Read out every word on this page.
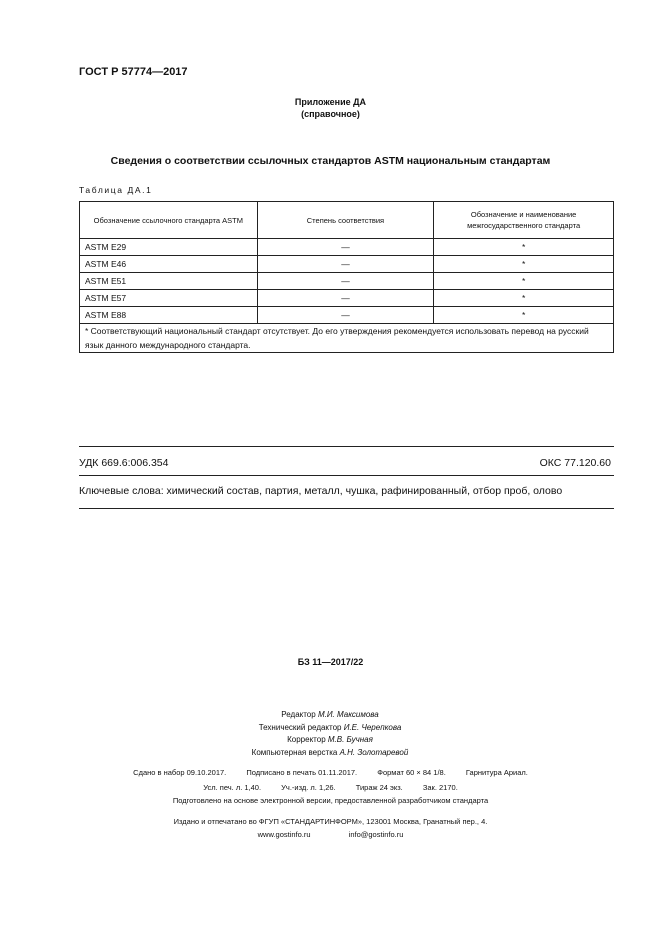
ГОСТ Р 57774—2017
Приложение ДА
(справочное)
Сведения о соответствии ссылочных стандартов ASTM национальным стандартам
Таблица ДА.1
Обозначение ссылочного стандарта ASTM	Степень соответствия	Обозначение и наименование межгосударственного стандарта
ASTM E29	—	*
ASTM E46	—	*
ASTM E51	—	*
ASTM E57	—	*
ASTM E88	—	*
* Соответствующий национальный стандарт отсутствует. До его утверждения рекомендуется использовать перевод на русский язык данного международного стандарта.		
УДК 669.6:006.354	ОКС 77.120.60
Ключевые слова: химический состав, партия, металл, чушка, рафинированный, отбор проб, олово
БЗ 11—2017/22
Редактор М.И. Максимова
Технический редактор И.Е. Черепкова
Корректор М.В. Бучная
Компьютерная верстка А.Н. Золотаревой
Сдано в набор 09.10.2017.	Подписано в печать 01.11.2017.	Формат 60 × 84 1/8.	Гарнитура Ариал.
Усл. печ. л. 1,40.	Уч.-изд. л. 1,26.	Тираж 24 экз.	Зак. 2170.
Подготовлено на основе электронной версии, предоставленной разработчиком стандарта
Издано и отпечатано во ФГУП «СТАНДАРТИНФОРМ», 123001 Москва, Гранатный пер., 4.
www.gostinfo.ru	info@gostinfo.ru
